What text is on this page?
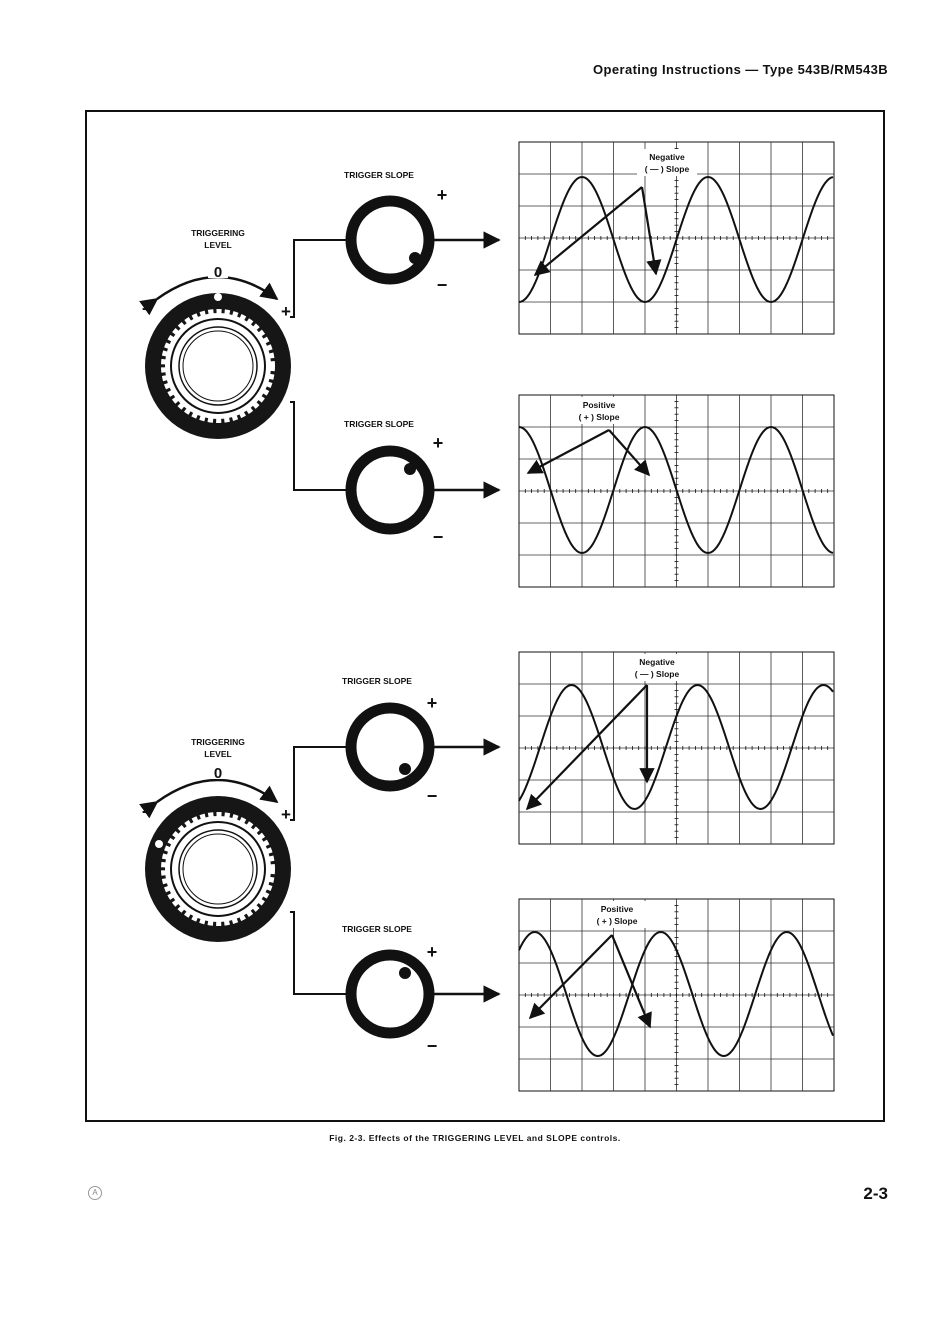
Operating Instructions — Type 543B/RM543B
TRIGGERING
LEVEL
0
−	+
TRIGGER SLOPE
+
−
TRIGGER SLOPE
+
−
TRIGGERING
LEVEL
0
−	+
TRIGGER SLOPE
+
−
TRIGGER SLOPE
+
−
Negative
( — ) Slope
Positive
( + ) Slope
Negative
( — ) Slope
Positive
( + ) Slope
Fig. 2-3. Effects of the TRIGGERING LEVEL and SLOPE controls.
A	2-3
